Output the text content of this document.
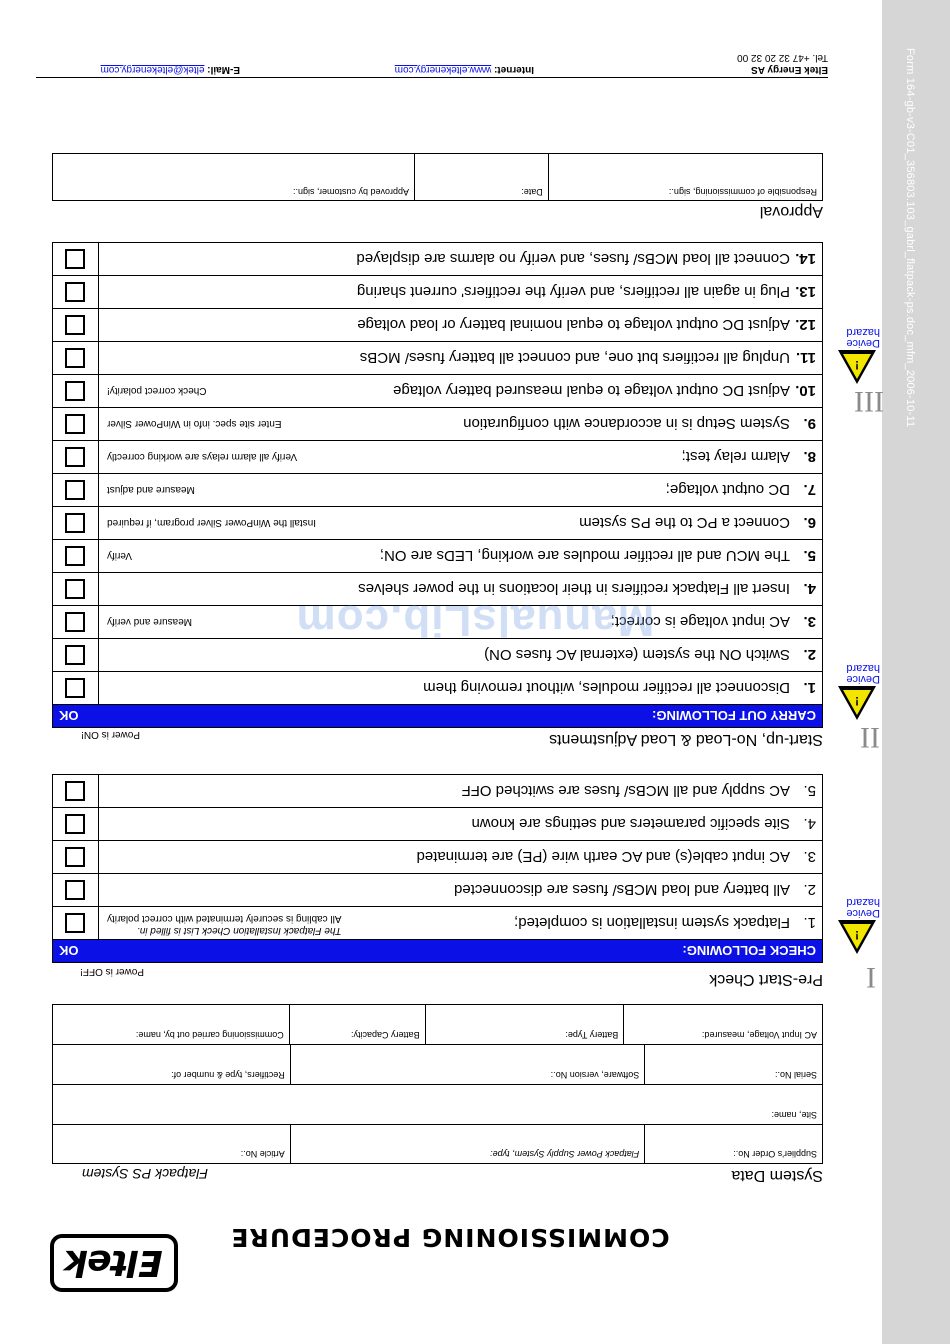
Form 164-gb-v3-C01_356803.103_gabrl_flatpack-ps.doc_mfm_2006-10-11
Eltek
COMMISSIONING PROCEDURE
System Data
Flatpack PS System
Supplier's Order No.:	Flatpack Power Supply System, type:	Article No.:
Site, name:		
Serial No.:	Software, version No.:	Rectifiers, type & number of:
AC Input Voltage, measured:	Battery Type:	Battery Capacity:	Commissioning carried out by, name:
I
!
Device hazard
Pre-Start Check
Power is OFF!
CHECK FOLLOWING:
OK
1.
Flatpack system installation is completed;
The Flatpack Installation Check List is filled in.
All cabling is securely terminated with correct polarity
2.
All battery and load MCBs/ fuses are disconnected
3.
AC input cable(s) and AC earth wire (PE) are terminated
4.
Site specific parameters and settings are known
5.
AC supply and all MCBs/ fuses are switched OFF
II
!
Device hazard
III
!
Device hazard
Start-up, No-Load & Load Adjustments
Power is ON!
CARRY OUT FOLLOWING:
OK
1.
Disconnect all rectifier modules, without removing them
2.
Switch ON the system (external AC fuses ON)
3.
AC input voltage is correct;
Measure and verify
4.
Insert all Flatpack rectifiers in their locations in the power shelves
5.
The MCU and all rectifier modules are working, LEDs are ON;
Verify
6.
Connect a PC to the PS system
Install the WinPower Silver program, if required
7.
DC output voltage;
Measure and adjust
8.
Alarm relay test;
Verify all alarm relays are working correctly
9.
System Setup is in accordance with configuration
Enter site spec. info in WinPower Silver
10.
Adjust DC output voltage to equal measured battery voltage
Check correct polarity!
11.
Unplug all rectifiers but one, and connect all battery fuses/ MCBs
12.
Adjust DC output voltage to equal nominal battery or load voltage
13.
Plug in again all rectifiers, and verify the rectifiers' current sharing
14.
Connect all load MCBs/ fuses, and verify no alarms are displayed
Approval
Responsible of commissioning, sign.:
Date:
Approved by customer, sign.:
Eltek Energy AS
Tel. +47 32 20 32 00
Internet: www.eltekenergy.com
E-Mail: eltek@eltekenergy.com
ManualsLib.com
